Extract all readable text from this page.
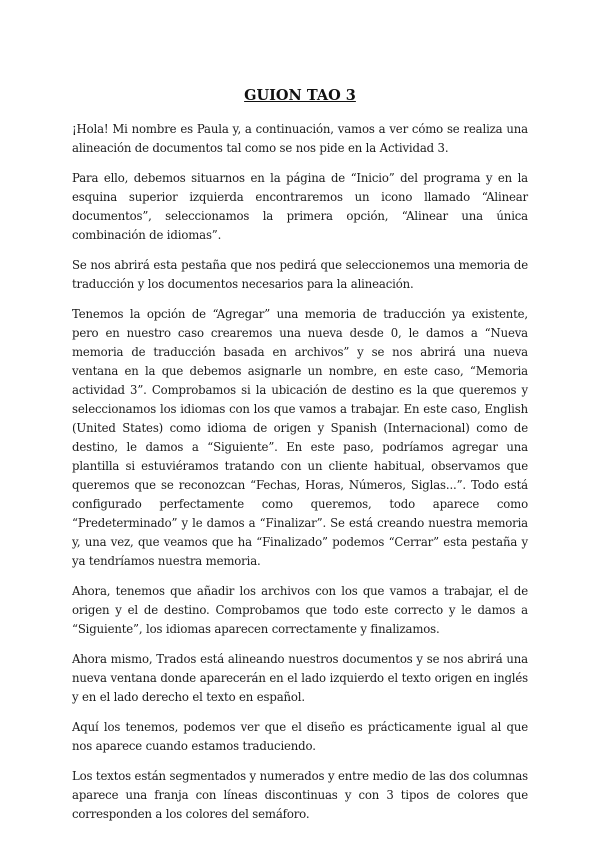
GUION TAO 3

¡Hola! Mi nombre es Paula y, a continuación, vamos a ver cómo se realiza una alineación de documentos tal como se nos pide en la Actividad 3.

Para ello, debemos situarnos en la página de “Inicio” del programa y en la esquina superior izquierda encontraremos un icono llamado “Alinear documentos”, seleccionamos la primera opción, “Alinear una única combinación de idiomas”.

Se nos abrirá esta pestaña que nos pedirá que seleccionemos una memoria de traducción y los documentos necesarios para la alineación.

Tenemos la opción de “Agregar” una memoria de traducción ya existente, pero en nuestro caso crearemos una nueva desde 0, le damos a “Nueva memoria de traducción basada en archivos” y se nos abrirá una nueva ventana en la que debemos asignarle un nombre, en este caso, “Memoria actividad 3”. Comprobamos si la ubicación de destino es la que queremos y seleccionamos los idiomas con los que vamos a trabajar. En este caso, English (United States) como idioma de origen y Spanish (Internacional) como de destino, le damos a “Siguiente”. En este paso, podríamos agregar una plantilla si estuviéramos tratando con un cliente habitual, observamos que queremos que se reconozcan “Fechas, Horas, Números, Siglas...”. Todo está configurado perfectamente como queremos, todo aparece como “Predeterminado” y le damos a “Finalizar”. Se está creando nuestra memoria y, una vez, que veamos que ha “Finalizado” podemos “Cerrar” esta pestaña y ya tendríamos nuestra memoria.

Ahora, tenemos que añadir los archivos con los que vamos a trabajar, el de origen y el de destino. Comprobamos que todo este correcto y le damos a “Siguiente”, los idiomas aparecen correctamente y finalizamos.

Ahora mismo, Trados está alineando nuestros documentos y se nos abrirá una nueva ventana donde aparecerán en el lado izquierdo el texto origen en inglés y en el lado derecho el texto en español.

Aquí los tenemos, podemos ver que el diseño es prácticamente igual al que nos aparece cuando estamos traduciendo.

Los textos están segmentados y numerados y entre medio de las dos columnas aparece una franja con líneas discontinuas y con 3 tipos de colores que corresponden a los colores del semáforo.
